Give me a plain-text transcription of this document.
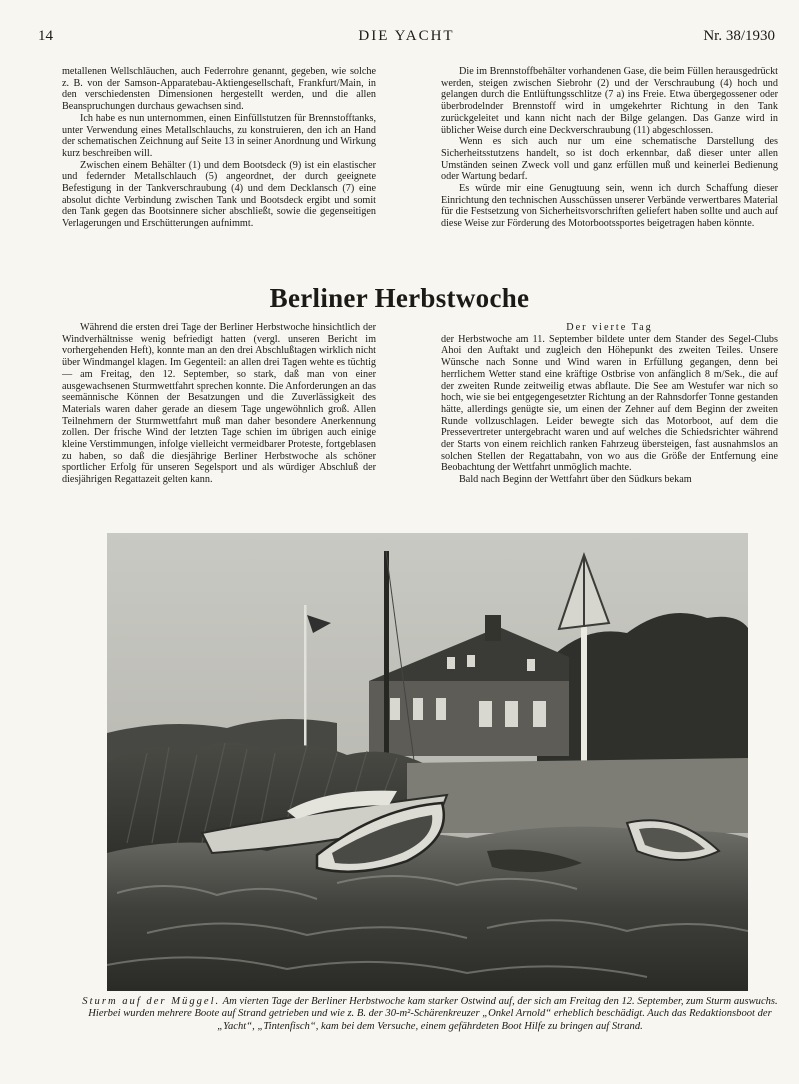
14	DIE YACHT	Nr. 38/1930

metallenen Wellschläuchen, auch Federrohre genannt, gegeben, wie solche z. B. von der Samson-Apparatebau-Aktiengesellschaft, Frankfurt/Main, in den verschiedensten Dimensionen hergestellt werden, und die allen Beanspruchungen durchaus gewachsen sind.

Ich habe es nun unternommen, einen Einfüllstutzen für Brennstofftanks, unter Verwendung eines Metallschlauchs, zu konstruieren, den ich an Hand der schematischen Zeichnung auf Seite 13 in seiner Anordnung und Wirkung kurz beschreiben will.

Zwischen einem Behälter (1) und dem Bootsdeck (9) ist ein elastischer und federnder Metallschlauch (5) angeordnet, der durch geeignete Befestigung in der Tankverschraubung (4) und dem Decklansch (7) eine absolut dichte Verbindung zwischen Tank und Bootsdeck ergibt und somit den Tank gegen das Bootsinnere sicher abschließt, sowie die gegenseitigen Verlagerungen und Erschütterungen aufnimmt.

Die im Brennstoffbehälter vorhandenen Gase, die beim Füllen herausgedrückt werden, steigen zwischen Siebrohr (2) und der Verschraubung (4) hoch und gelangen durch die Entlüftungsschlitze (7 a) ins Freie. Etwa übergegossener oder überbrodelnder Brennstoff wird in umgekehrter Richtung in den Tank zurückgeleitet und kann nicht nach der Bilge gelangen. Das Ganze wird in üblicher Weise durch eine Deckverschraubung (11) abgeschlossen.

Wenn es sich auch nur um eine schematische Darstellung des Sicherheitsstutzens handelt, so ist doch erkennbar, daß dieser unter allen Umständen seinen Zweck voll und ganz erfüllen muß und keinerlei Bedienung oder Wartung bedarf.

Es würde mir eine Genugtuung sein, wenn ich durch Schaffung dieser Einrichtung den technischen Ausschüssen unserer Verbände verwertbares Material für die Festsetzung von Sicherheitsvorschriften geliefert haben sollte und auch auf diese Weise zur Förderung des Motorbootssportes beigetragen haben könnte.

Berliner Herbstwoche

Während die ersten drei Tage der Berliner Herbstwoche hinsichtlich der Windverhältnisse wenig befriedigt hatten (vergl. unseren Bericht im vorhergehenden Heft), konnte man an den drei Abschlußtagen wirklich nicht über Windmangel klagen. Im Gegenteil: an allen drei Tagen wehte es tüchtig — am Freitag, den 12. September, so stark, daß man von einer ausgewachsenen Sturmwettfahrt sprechen konnte. Die Anforderungen an das seemännische Können der Besatzungen und die Zuverlässigkeit des Materials waren daher gerade an diesem Tage ungewöhnlich groß. Allen Teilnehmern der Sturmwettfahrt muß man daher besondere Anerkennung zollen. Der frische Wind der letzten Tage schien im übrigen auch einige kleine Verstimmungen, infolge vielleicht vermeidbarer Proteste, fortgeblasen zu haben, so daß die diesjährige Berliner Herbstwoche als schöner sportlicher Erfolg für unseren Segelsport und als würdiger Abschluß der diesjährigen Regattazeit gelten kann.

Der vierte Tag

der Herbstwoche am 11. September bildete unter dem Stander des Segel-Clubs Ahoi den Auftakt und zugleich den Höhepunkt des zweiten Teiles. Unsere Wünsche nach Sonne und Wind waren in Erfüllung gegangen, denn bei herrlichem Wetter stand eine kräftige Ostbrise von anfänglich 8 m/Sek., die auf der zweiten Runde zeitweilig etwas abflaute. Die See am Westufer war nich so hoch, wie sie bei entgegengesetzter Richtung an der Rahnsdorfer Tonne gestanden hätte, allerdings genügte sie, um einen der Zehner auf dem Beginn der zweiten Runde vollzuschlagen. Leider bewegte sich das Motorboot, auf dem die Pressevertreter untergebracht waren und auf welches die Schiedsrichter während der Starts von einem reichlich ranken Fahrzeug übersteigen, fast ausnahmslos an solchen Stellen der Regattabahn, von wo aus die Größe der Entfernung eine Beobachtung der Wettfahrt unmöglich machte.

Bald nach Beginn der Wettfahrt über den Südkurs bekam

Sturm auf der Müggel. Am vierten Tage der Berliner Herbstwoche kam starker Ostwind auf, der sich am Freitag den 12. September, zum Sturm auswuchs. Hierbei wurden mehrere Boote auf Strand getrieben und wie z. B. der 30-m²-Schärenkreuzer „Onkel Arnold“ erheblich beschädigt. Auch das Redaktionsboot der „Yacht“, „Tintenfisch“, kam bei dem Versuche, einem gefährdeten Boot Hilfe zu bringen auf Strand.
